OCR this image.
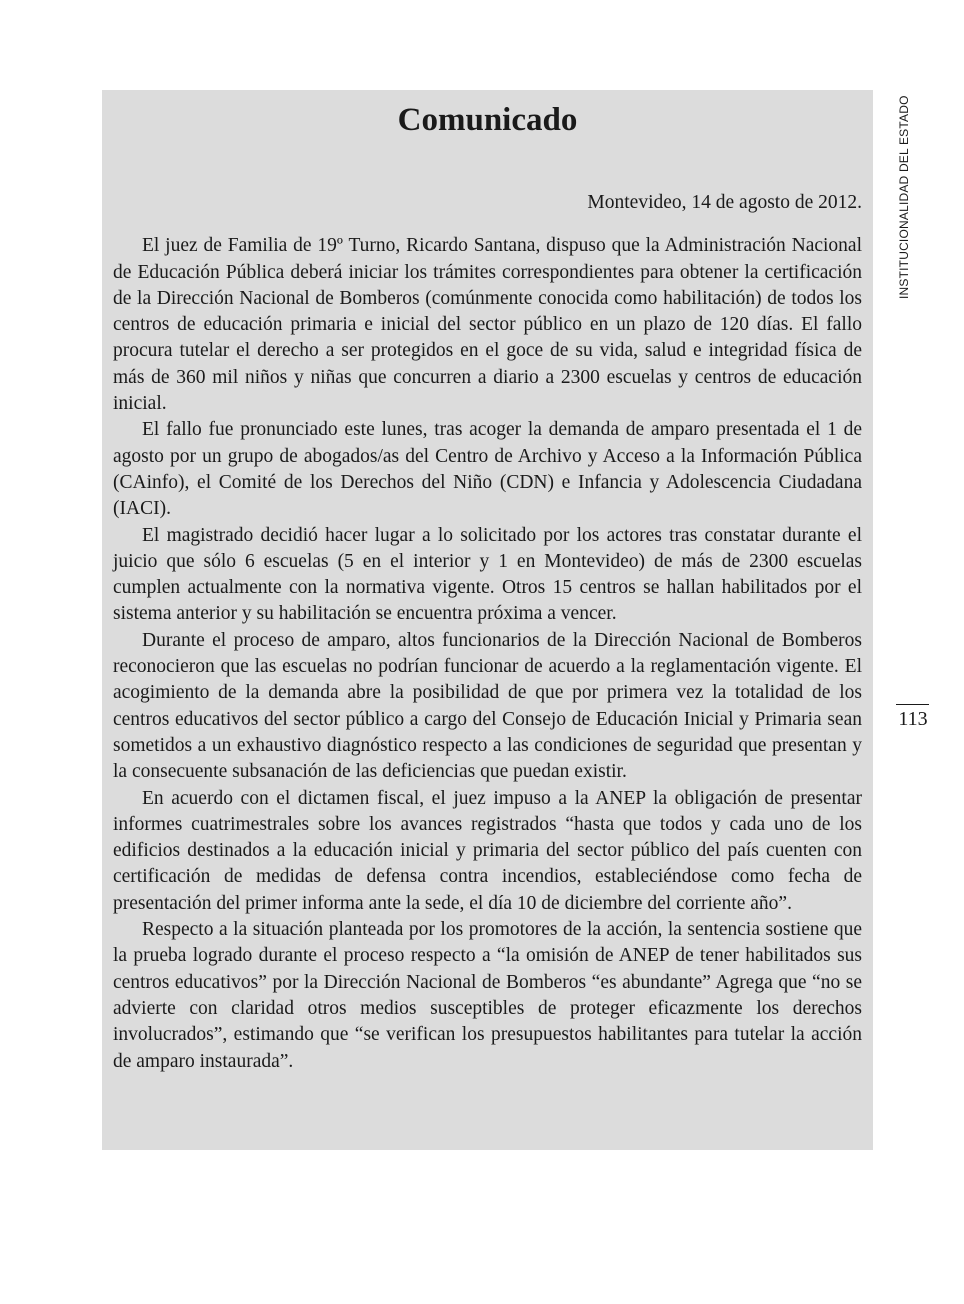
Comunicado

Montevideo, 14 de agosto de 2012.

El juez de Familia de 19º Turno, Ricardo Santana, dispuso que la Administración Nacional de Educación Pública deberá iniciar los trámites correspondientes para obtener la certificación de la Dirección Nacional de Bomberos (comúnmente conocida como habilitación) de todos los centros de educación primaria e inicial del sector público en un plazo de 120 días. El fallo procura tutelar el derecho a ser protegidos en el goce de su vida, salud e integridad física de más de 360 mil niños y niñas que concurren a diario a 2300 escuelas y centros de educación inicial.

El fallo fue pronunciado este lunes, tras acoger la demanda de amparo presentada el 1 de agosto por un grupo de abogados/as del Centro de Archivo y Acceso a la Información Pública (CAinfo), el Comité de los Derechos del Niño (CDN) e Infancia y Adolescencia Ciudadana (IACI).

El magistrado decidió hacer lugar a lo solicitado por los actores tras constatar durante el juicio que sólo 6 escuelas (5 en el interior y 1 en Montevideo) de más de 2300 escuelas cumplen actualmente con la normativa vigente. Otros 15 centros se hallan habilitados por el sistema anterior y su habilitación se encuentra próxima a vencer.

Durante el proceso de amparo, altos funcionarios de la Dirección Nacional de Bomberos reconocieron que las escuelas no podrían funcionar de acuerdo a la reglamentación vigente. El acogimiento de la demanda abre la posibilidad de que por primera vez la totalidad de los centros educativos del sector público a cargo del Consejo de Educación Inicial y Primaria sean sometidos a un exhaustivo diagnóstico respecto a las condiciones de seguridad que presentan y la consecuente subsanación de las deficiencias que puedan existir.

En acuerdo con el dictamen fiscal, el juez impuso a la ANEP la obligación de presentar informes cuatrimestrales sobre los avances registrados “hasta que todos y cada uno de los edificios destinados a la educación inicial y primaria del sector público del país cuenten con certificación de medidas de defensa contra incendios, estableciéndose como fecha de presentación del primer informa ante la sede, el día 10 de diciembre del corriente año”.

Respecto a la situación planteada por los promotores de la acción, la sentencia sostiene que la prueba logrado durante el proceso respecto a “la omisión de ANEP de tener habilitados sus centros educativos” por la Dirección Nacional de Bomberos “es abundante” Agrega que “no se advierte con claridad otros medios susceptibles de proteger eficazmente los derechos involucrados”, estimando que “se verifican los presupuestos habilitantes para tutelar la acción de amparo instaurada”.

INSTITUCIONALIDAD DEL ESTADO
113
